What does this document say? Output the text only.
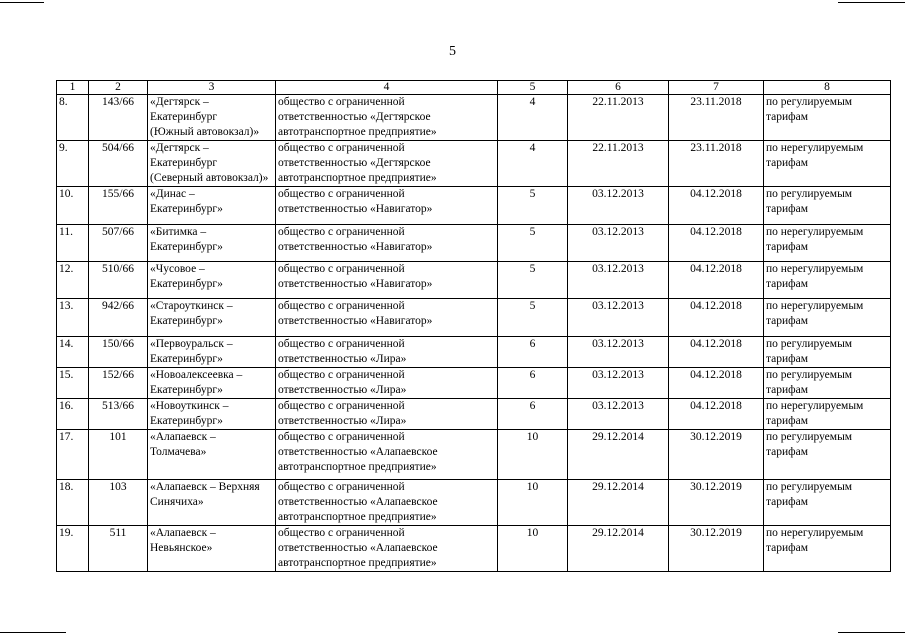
5
1	2	3	4	5	6	7	8
8.	143/66	«Дегтярск –
Екатеринбург
(Южный автовокзал)»	общество с ограниченной
ответственностью «Дегтярское
автотранспортное предприятие»	4	22.11.2013	23.11.2018	по регулируемым
тарифам
9.	504/66	«Дегтярск –
Екатеринбург
(Северный автовокзал)»	общество с ограниченной
ответственностью «Дегтярское
автотранспортное предприятие»	4	22.11.2013	23.11.2018	по нерегулируемым
тарифам
10.	155/66	«Динас –
Екатеринбург»	общество с ограниченной
ответственностью «Навигатор»	5	03.12.2013	04.12.2018	по регулируемым
тарифам
11.	507/66	«Битимка –
Екатеринбург»	общество с ограниченной
ответственностью «Навигатор»	5	03.12.2013	04.12.2018	по нерегулируемым
тарифам
12.	510/66	«Чусовое –
Екатеринбург»	общество с ограниченной
ответственностью «Навигатор»	5	03.12.2013	04.12.2018	по нерегулируемым
тарифам
13.	942/66	«Староуткинск –
Екатеринбург»	общество с ограниченной
ответственностью «Навигатор»	5	03.12.2013	04.12.2018	по нерегулируемым
тарифам
14.	150/66	«Первоуральск –
Екатеринбург»	общество с ограниченной
ответственностью «Лира»	6	03.12.2013	04.12.2018	по регулируемым
тарифам
15.	152/66	«Новоалексеевка –
Екатеринбург»	общество с ограниченной
ответственностью «Лира»	6	03.12.2013	04.12.2018	по регулируемым
тарифам
16.	513/66	«Новоуткинск –
Екатеринбург»	общество с ограниченной
ответственностью «Лира»	6	03.12.2013	04.12.2018	по нерегулируемым
тарифам
17.	101	«Алапаевск –
Толмачева»	общество с ограниченной
ответственностью «Алапаевское
автотранспортное предприятие»	10	29.12.2014	30.12.2019	по регулируемым
тарифам
18.	103	«Алапаевск – Верхняя
Синячиха»	общество с ограниченной
ответственностью «Алапаевское
автотранспортное предприятие»	10	29.12.2014	30.12.2019	по регулируемым
тарифам
19.	511	«Алапаевск –
Невьянское»	общество с ограниченной
ответственностью «Алапаевское
автотранспортное предприятие»	10	29.12.2014	30.12.2019	по нерегулируемым
тарифам
